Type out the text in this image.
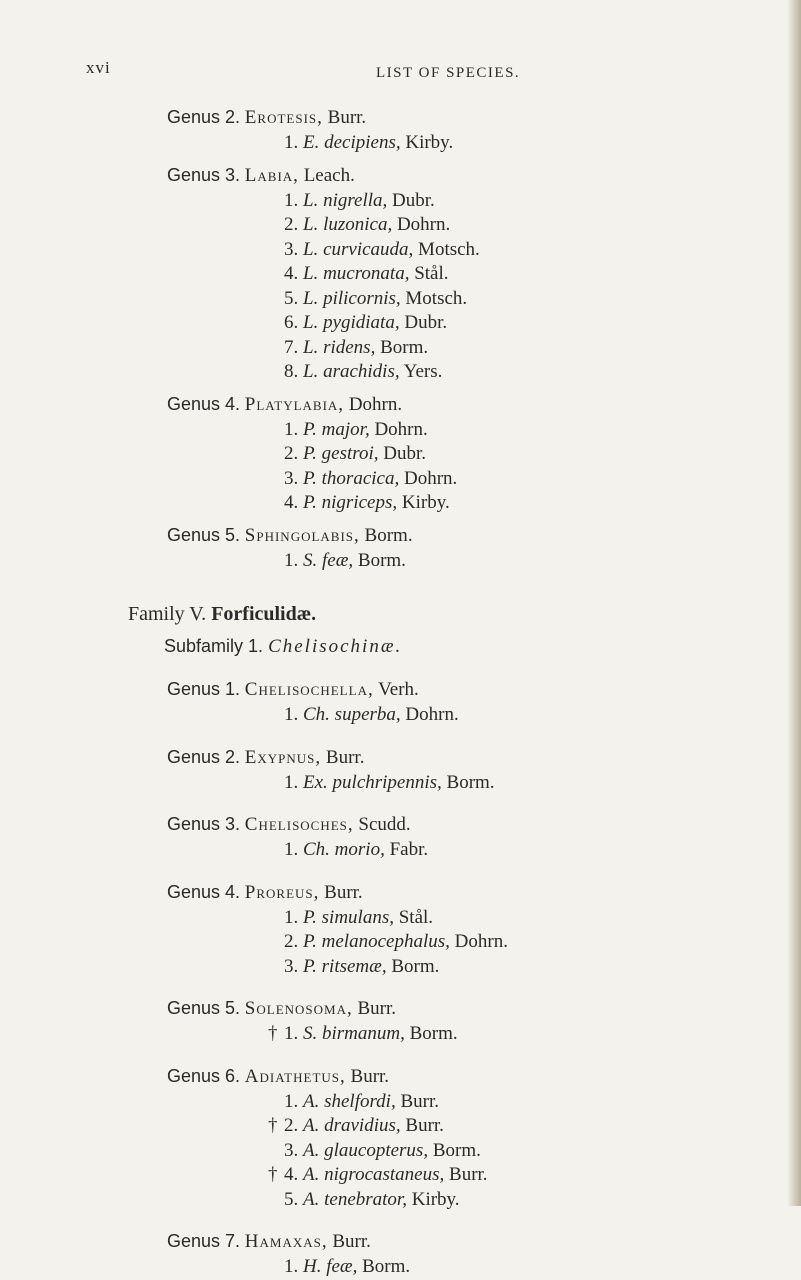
xvi	LIST OF SPECIES.
Genus 2. Erotesis, Burr.
1. E. decipiens, Kirby.
Genus 3. Labia, Leach.
1. L. nigrella, Dubr.
2. L. luzonica, Dohrn.
3. L. curvicauda, Motsch.
4. L. mucronata, Stål.
5. L. pilicornis, Motsch.
6. L. pygidiata, Dubr.
7. L. ridens, Borm.
8. L. arachidis, Yers.
Genus 4. Platylabia, Dohrn.
1. P. major, Dohrn.
2. P. gestroi, Dubr.
3. P. thoracica, Dohrn.
4. P. nigriceps, Kirby.
Genus 5. Sphingolabis, Borm.
1. S. feæ, Borm.
Family V. Forficulidæ.
Subfamily 1. Chelisochinæ.
Genus 1. Chelisochella, Verh.
1. Ch. superba, Dohrn.
Genus 2. Exypnus, Burr.
1. Ex. pulchripennis, Borm.
Genus 3. Chelisoches, Scudd.
1. Ch. morio, Fabr.
Genus 4. Proreus, Burr.
1. P. simulans, Stål.
2. P. melanocephalus, Dohrn.
3. P. ritsemæ, Borm.
Genus 5. Solenosoma, Burr.
† 1. S. birmanum, Borm.
Genus 6. Adiathetus, Burr.
1. A. shelfordi, Burr.
† 2. A. dravidius, Burr.
3. A. glaucopterus, Borm.
† 4. A. nigrocastaneus, Burr.
5. A. tenebrator, Kirby.
Genus 7. Hamaxas, Burr.
1. H. feæ, Borm.
